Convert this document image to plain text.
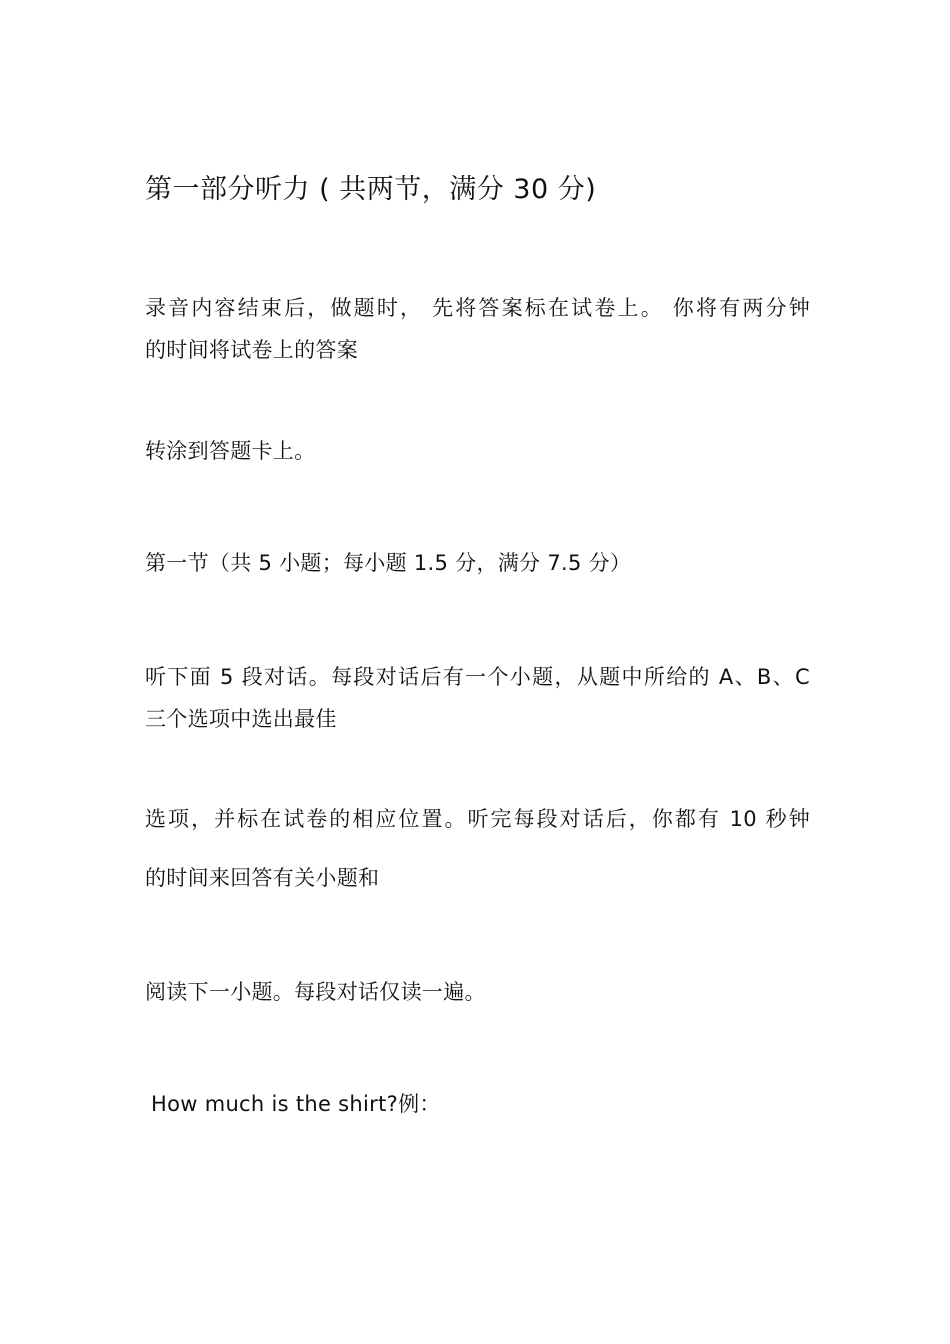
第一部分听力 ( 共两节，满分 30 分)
录音内容结束后，做题时， 先将答案标在试卷上。 你将有两分钟
的时间将试卷上的答案
转涂到答题卡上。
第一节（共 5 小题；每小题 1.5 分，满分 7.5 分）
听下面 5 段对话。每段对话后有一个小题，从题中所给的 A、B、C
三个选项中选出最佳
选项，并标在试卷的相应位置。听完每段对话后，你都有 10 秒钟
的时间来回答有关小题和
阅读下一小题。每段对话仅读一遍。
How much is the shirt?例：
